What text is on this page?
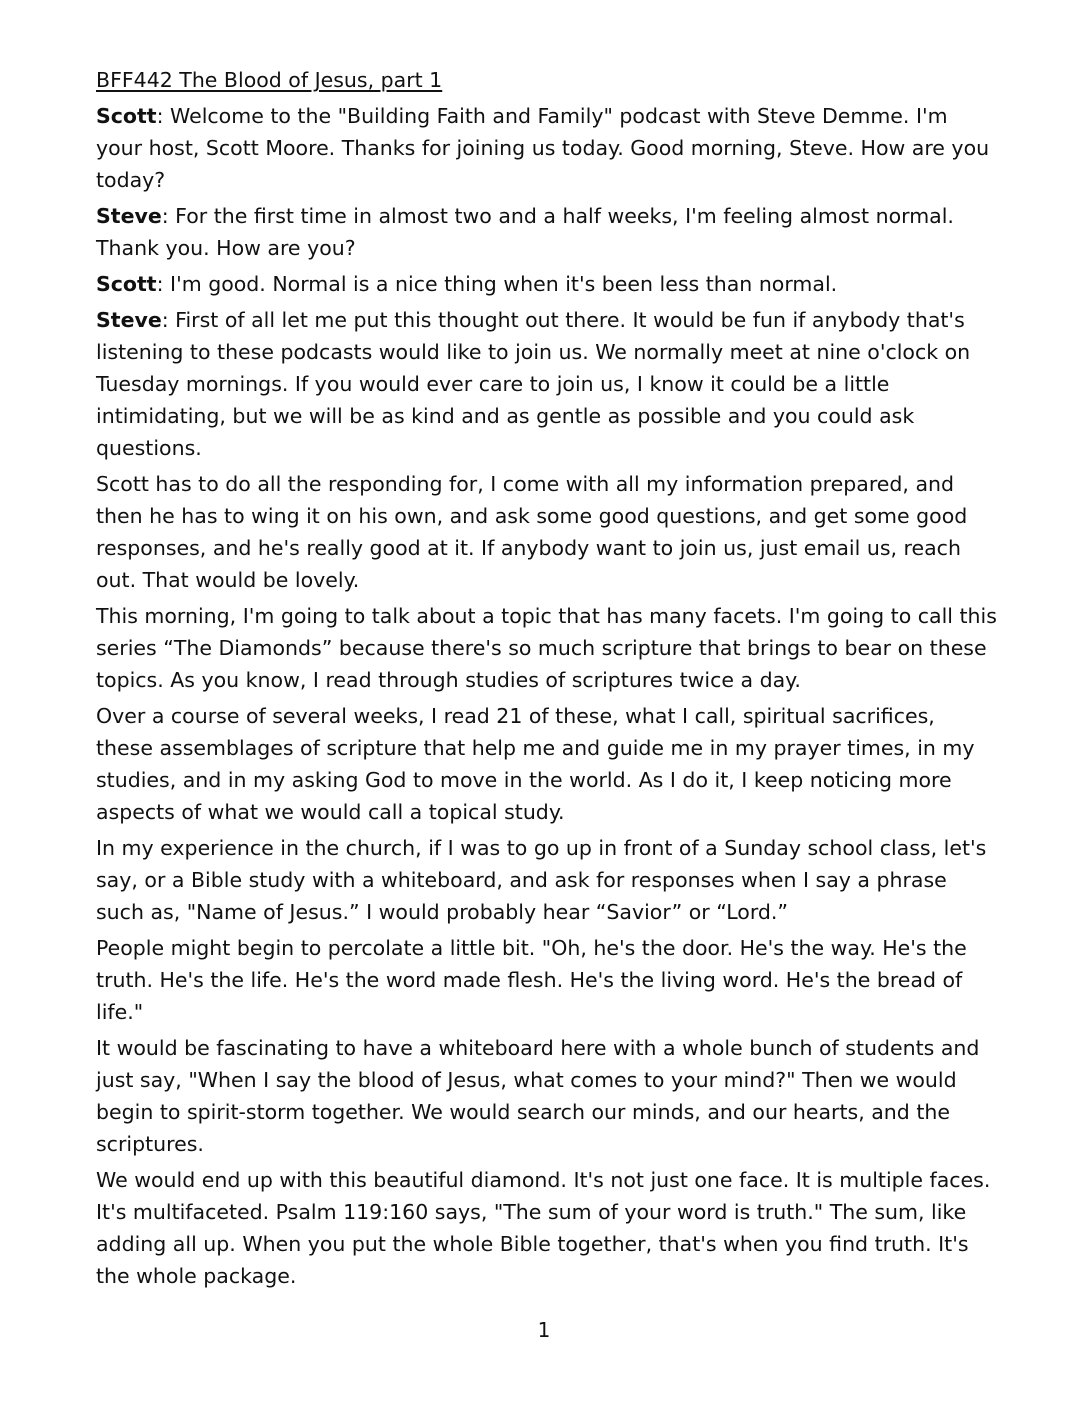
BFF442 The Blood of Jesus, part 1
Scott: Welcome to the "Building Faith and Family" podcast with Steve Demme. I'm your host, Scott Moore. Thanks for joining us today. Good morning, Steve. How are you today?
Steve: For the first time in almost two and a half weeks, I'm feeling almost normal. Thank you. How are you?
Scott: I'm good. Normal is a nice thing when it's been less than normal.
Steve: First of all let me put this thought out there. It would be fun if anybody that's listening to these podcasts would like to join us. We normally meet at nine o'clock on Tuesday mornings. If you would ever care to join us, I know it could be a little intimidating, but we will be as kind and as gentle as possible and you could ask questions.
Scott has to do all the responding for, I come with all my information prepared, and then he has to wing it on his own, and ask some good questions, and get some good responses, and he's really good at it. If anybody want to join us, just email us, reach out. That would be lovely.
This morning, I'm going to talk about a topic that has many facets. I'm going to call this series “The Diamonds” because there's so much scripture that brings to bear on these topics. As you know, I read through studies of scriptures twice a day.
Over a course of several weeks, I read 21 of these, what I call, spiritual sacrifices, these assemblages of scripture that help me and guide me in my prayer times, in my studies, and in my asking God to move in the world. As I do it, I keep noticing more aspects of what we would call a topical study.
In my experience in the church, if I was to go up in front of a Sunday school class, let's say, or a Bible study with a whiteboard, and ask for responses when I say a phrase such as, "Name of Jesus.” I would probably hear “Savior” or “Lord.”
People might begin to percolate a little bit. "Oh, he's the door. He's the way. He's the truth. He's the life. He's the word made flesh. He's the living word. He's the bread of life."
It would be fascinating to have a whiteboard here with a whole bunch of students and just say, "When I say the blood of Jesus, what comes to your mind?" Then we would begin to spirit-storm together. We would search our minds, and our hearts, and the scriptures.
We would end up with this beautiful diamond. It's not just one face. It is multiple faces. It's multifaceted. Psalm 119:160 says, "The sum of your word is truth." The sum, like adding all up. When you put the whole Bible together, that's when you find truth. It's the whole package.
1
